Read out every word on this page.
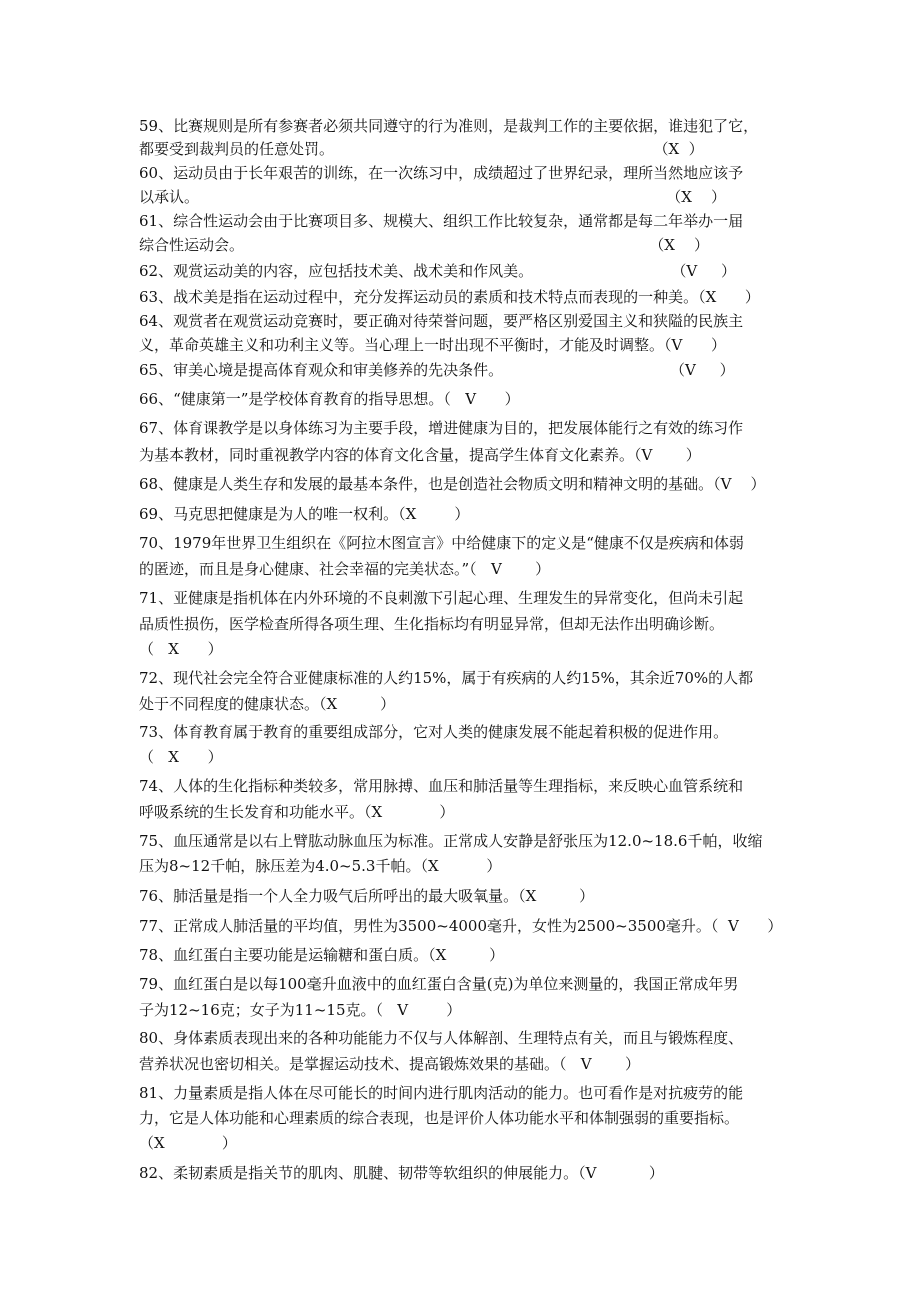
59、比赛规则是所有参赛者必须共同遵守的行为准则，是裁判工作的主要依据，谁违犯了它，
都要受到裁判员的任意处罚。                                                                   （X  ）
60、运动员由于长年艰苦的训练，在一次练习中，成绩超过了世界纪录，理所当然地应该予
以承认。                                                                                                  （X    ）
61、综合性运动会由于比赛项目多、规模大、组织工作比较复杂，通常都是每二年举办一届
综合性运动会。                                                                                     （X    ）
62、观赏运动美的内容，应包括技术美、战术美和作风美。                             （V     ）
63、战术美是指在运动过程中，充分发挥运动员的素质和技术特点而表现的一种美。（X      ）
64、观赏者在观赏运动竞赛时，要正确对待荣誉问题，要严格区别爱国主义和狭隘的民族主
义，革命英雄主义和功利主义等。当心理上一时出现不平衡时，才能及时调整。（V      ）
65、审美心境是提高体育观众和审美修养的先决条件。                                   （V     ）
66、“健康第一”是学校体育教育的指导思想。（   V      ）
67、体育课教学是以身体练习为主要手段，增进健康为目的，把发展体能行之有效的练习作
为基本教材，同时重视教学内容的体育文化含量，提高学生体育文化素养。（V       ）
68、健康是人类生存和发展的最基本条件，也是创造社会物质文明和精神文明的基础。（V    ）
69、马克思把健康是为人的唯一权利。（X        ）
70、1979年世界卫生组织在《阿拉木图宣言》中给健康下的定义是“健康不仅是疾病和体弱
的匿迹，而且是身心健康、社会幸福的完美状态。”（   V       ）
71、亚健康是指机体在内外环境的不良刺激下引起心理、生理发生的异常变化，但尚未引起
品质性损伤，医学检查所得各项生理、生化指标均有明显异常，但却无法作出明确诊断。
（   X      ）
72、现代社会完全符合亚健康标准的人约15%，属于有疾病的人约15%，其余近70%的人都
处于不同程度的健康状态。（X         ）
73、体育教育属于教育的重要组成部分，它对人类的健康发展不能起着积极的促进作用。
（   X      ）
74、人体的生化指标种类较多，常用脉搏、血压和肺活量等生理指标，来反映心血管系统和
呼吸系统的生长发育和功能水平。（X            ）
75、血压通常是以右上臂肱动脉血压为标准。正常成人安静是舒张压为12.0~18.6千帕，收缩
压为8~12千帕，脉压差为4.0~5.3千帕。（X          ）
76、肺活量是指一个人全力吸气后所呼出的最大吸氧量。（X         ）
77、正常成人肺活量的平均值，男性为3500~4000毫升，女性为2500~3500毫升。（  V      ）
78、血红蛋白主要功能是运输糖和蛋白质。（X         ）
79、血红蛋白是以每100毫升血液中的血红蛋白含量(克)为单位来测量的，我国正常成年男
子为12~16克；女子为11~15克。（   V        ）
80、身体素质表现出来的各种功能能力不仅与人体解剖、生理特点有关，而且与锻炼程度、
营养状况也密切相关。是掌握运动技术、提高锻炼效果的基础。（   V       ）
81、力量素质是指人体在尽可能长的时间内进行肌肉活动的能力。也可看作是对抗疲劳的能
力，它是人体功能和心理素质的综合表现，也是评价人体功能水平和体制强弱的重要指标。
（X            ）
82、柔韧素质是指关节的肌肉、肌腱、韧带等软组织的伸展能力。（V           ）
